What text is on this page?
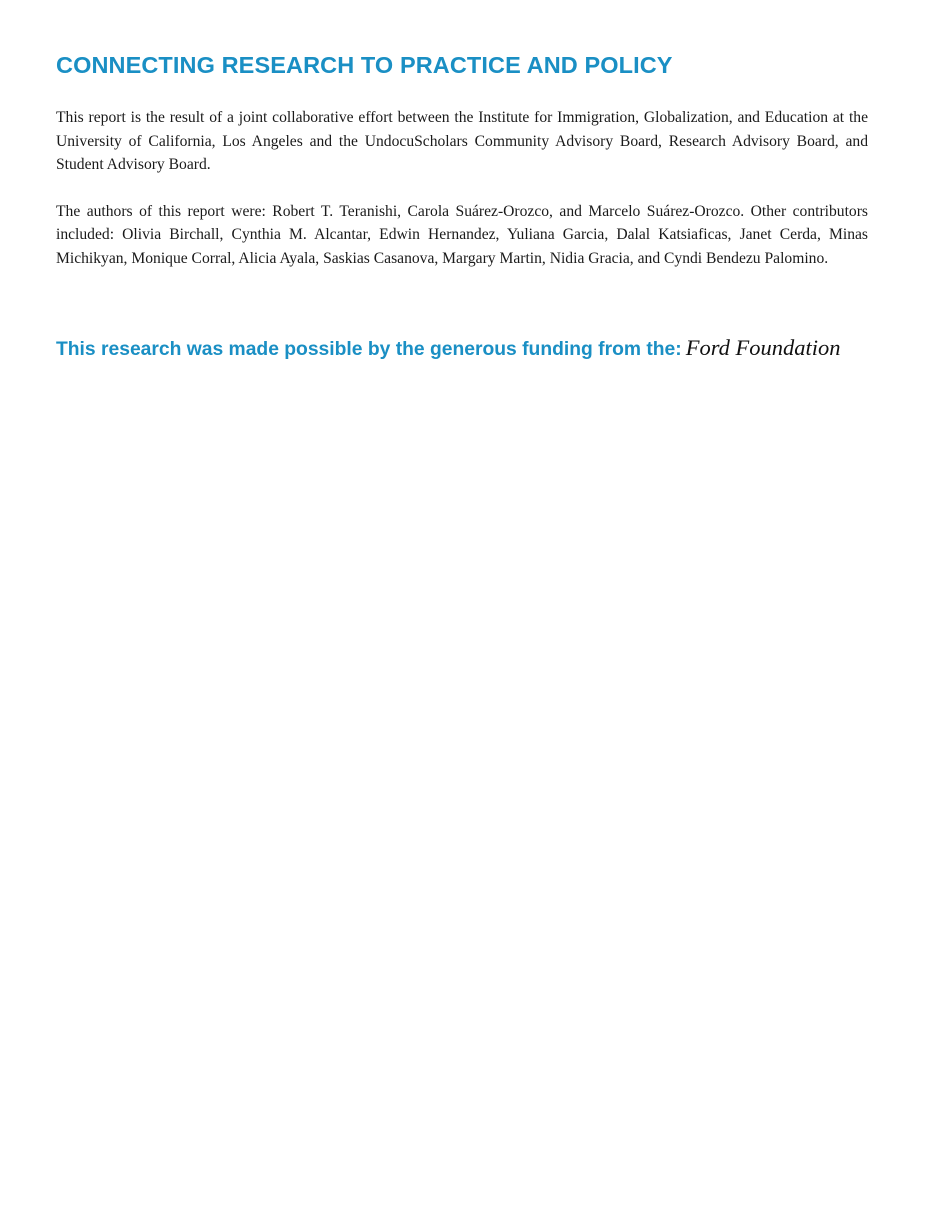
CONNECTING RESEARCH TO PRACTICE AND POLICY

This report is the result of a joint collaborative effort between the Institute for Immigration, Globalization, and Education at the University of California, Los Angeles and the UndocuScholars Community Advisory Board, Research Advisory Board, and Student Advisory Board.

The authors of this report were: Robert T. Teranishi, Carola Suárez-Orozco, and Marcelo Suárez-Orozco. Other contributors included: Olivia Birchall, Cynthia M. Alcantar, Edwin Hernandez, Yuliana Garcia, Dalal Katsiaficas, Janet Cerda, Minas Michikyan, Monique Corral, Alicia Ayala, Saskias Casanova, Margary Martin, Nidia Gracia, and Cyndi Bendezu Palomino.

This research was made possible by the generous funding from the: Ford Foundation
